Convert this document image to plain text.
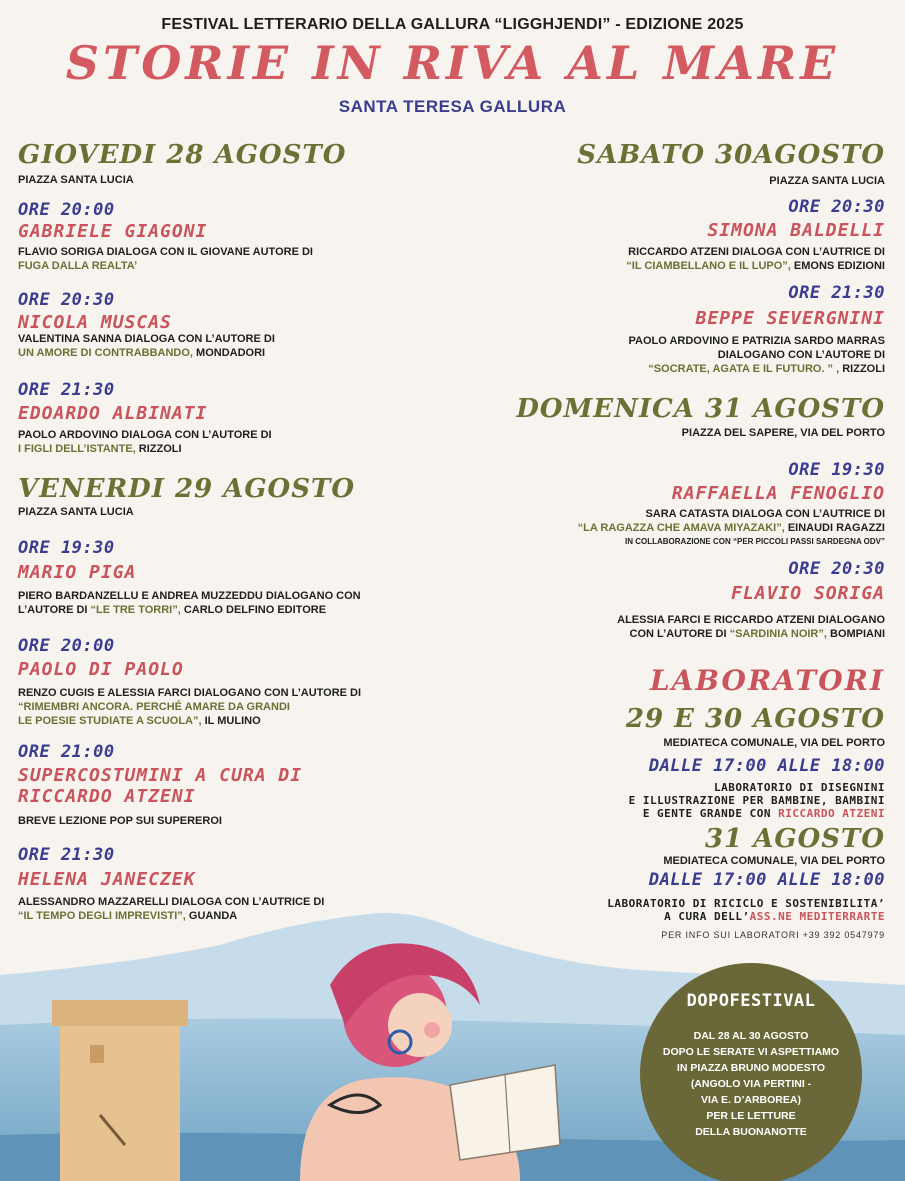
FESTIVAL LETTERARIO DELLA GALLURA “LIGGHJENDI” - EDIZIONE 2025
STORIE IN RIVA AL MARE
SANTA TERESA GALLURA
GIOVEDI 28 AGOSTO
PIAZZA SANTA LUCIA
ORE 20:00
GABRIELE GIAGONI
FLAVIO SORIGA DIALOGA CON IL GIOVANE AUTORE DI
FUGA DALLA REALTA’
ORE 20:30
NICOLA MUSCAS
VALENTINA SANNA DIALOGA CON L’AUTORE DI
UN AMORE DI CONTRABBANDO, MONDADORI
ORE 21:30
EDOARDO ALBINATI
PAOLO ARDOVINO DIALOGA CON L’AUTORE DI
I FIGLI DELL’ISTANTE, RIZZOLI
VENERDI 29 AGOSTO
PIAZZA SANTA LUCIA
ORE 19:30
MARIO PIGA
PIERO BARDANZELLU E ANDREA MUZZEDDU DIALOGANO CON
L’AUTORE DI “LE TRE TORRI”, CARLO DELFINO EDITORE
ORE 20:00
PAOLO DI PAOLO
RENZO CUGIS E ALESSIA FARCI DIALOGANO CON L’AUTORE DI
“RIMEMBRI ANCORA. PERCHÉ AMARE DA GRANDI
LE POESIE STUDIATE A SCUOLA”, IL MULINO
ORE 21:00
SUPERCOSTUMINI A CURA DI
RICCARDO ATZENI
BREVE LEZIONE POP SUI SUPEREROI
ORE 21:30
HELENA JANECZEK
ALESSANDRO MAZZARELLI DIALOGA CON L’AUTRICE DI
“IL TEMPO DEGLI IMPREVISTI”, GUANDA
SABATO 30AGOSTO
PIAZZA SANTA LUCIA
ORE 20:30
SIMONA BALDELLI
RICCARDO ATZENI DIALOGA CON L’AUTRICE DI
“IL CIAMBELLANO E IL LUPO”, EMONS EDIZIONI
ORE 21:30
BEPPE SEVERGNINI
PAOLO ARDOVINO E PATRIZIA SARDO MARRAS
DIALOGANO CON L’AUTORE DI
“SOCRATE, AGATA E IL FUTURO. ” , RIZZOLI
DOMENICA 31 AGOSTO
PIAZZA DEL SAPERE, VIA DEL PORTO
ORE 19:30
RAFFAELLA FENOGLIO
SARA CATASTA DIALOGA CON L’AUTRICE DI
“LA RAGAZZA CHE AMAVA MIYAZAKI”, EINAUDI RAGAZZI
IN COLLABORAZIONE CON “PER PICCOLI PASSI SARDEGNA ODV”
ORE 20:30
FLAVIO SORIGA
ALESSIA FARCI E RICCARDO ATZENI DIALOGANO
CON L’AUTORE DI “SARDINIA NOIR”, BOMPIANI
LABORATORI
29 E 30 AGOSTO
MEDIATECA COMUNALE, VIA DEL PORTO
DALLE 17:00 ALLE 18:00
LABORATORIO DI DISEGNINI
E ILLUSTRAZIONE PER BAMBINE, BAMBINI
E GENTE GRANDE CON RICCARDO ATZENI
31 AGOSTO
MEDIATECA COMUNALE, VIA DEL PORTO
DALLE 17:00 ALLE 18:00
LABORATORIO DI RICICLO E SOSTENIBILITA’
A CURA DELL’ASS.NE MEDITERRARTE
PER INFO SUI LABORATORI +39 392 0547979
DOPOFESTIVAL
DAL 28 AL 30 AGOSTO
DOPO LE SERATE VI ASPETTIAMO
IN PIAZZA BRUNO MODESTO
(ANGOLO VIA PERTINI -
VIA E. D’ARBOREA)
PER LE LETTURE
DELLA BUONANOTTE
